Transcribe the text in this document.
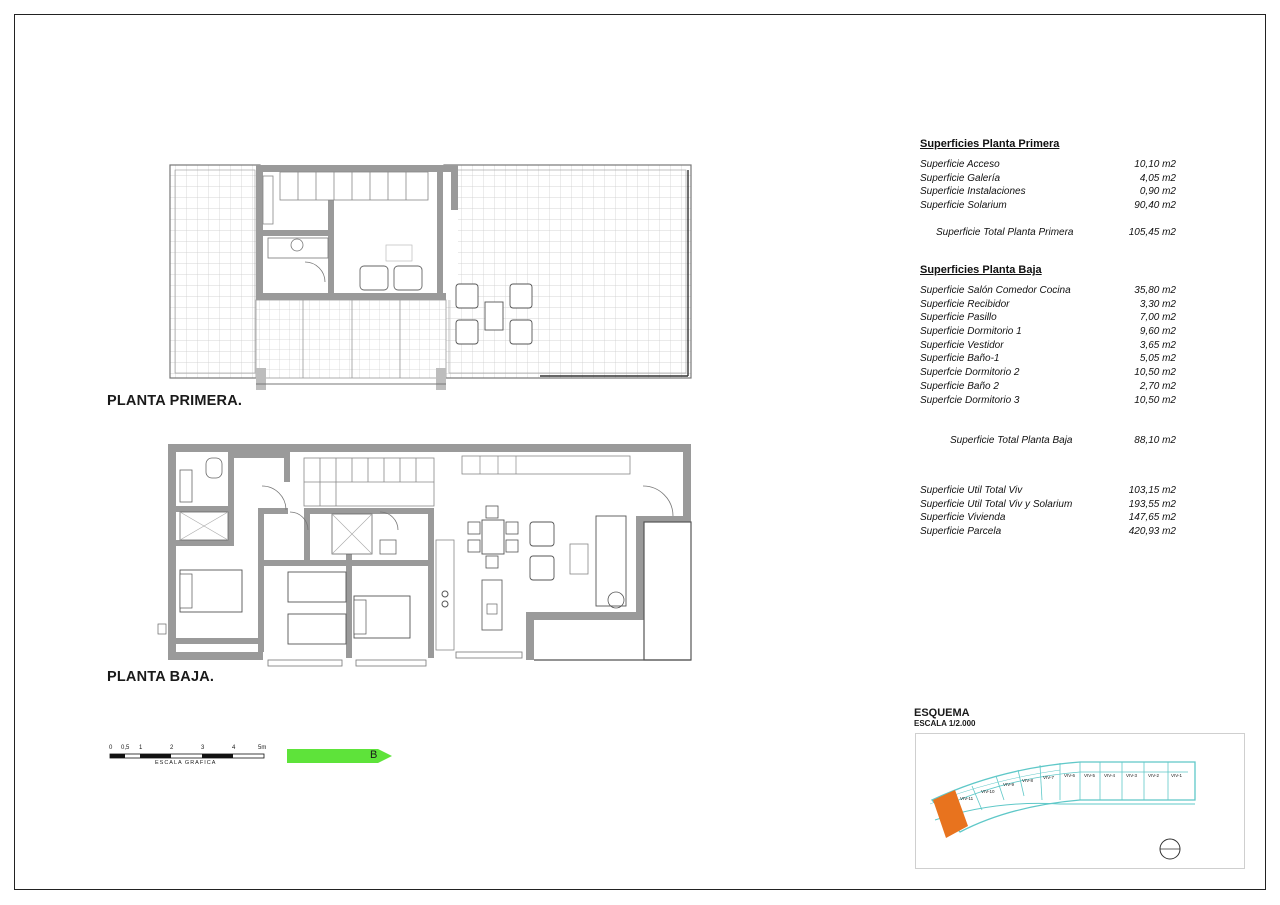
PLANTA PRIMERA.
PLANTA BAJA.
0 0,5 1	2	3	4	5m
ESCALA GRAFICA
B
Superficies Planta Primera
Superficie Acceso	10,10 m2
Superficie Galería	4,05 m2
Superficie Instalaciones	0,90 m2
Superficie Solarium	90,40 m2
Superficie Total Planta Primera	105,45 m2
Superficies Planta Baja
Superficie Salón Comedor Cocina	35,80 m2
Superficie Recibidor	3,30 m2
Superficie Pasillo	7,00 m2
Superficie Dormitorio 1	9,60 m2
Superficie Vestidor	3,65 m2
Superficie Baño-1	5,05 m2
Superfcie Dormitorio 2	10,50 m2
Superficie Baño 2	2,70 m2
Superfcie Dormitorio 3	10,50 m2
Superficie Total Planta Baja	88,10 m2
Superficie Util Total Viv	103,15 m2
Superficie Util Total Viv y Solarium	193,55 m2
Superficie Vivienda	147,65 m2
Superficie Parcela	420,93 m2
ESQUEMA
ESCALA 1/2.000
VIV-11
VIV-10
VIV-9
VIV-8
VIV-7 VIV-6 VIV-5 VIV-4 VIV-3 VIV-2	VIV-1
